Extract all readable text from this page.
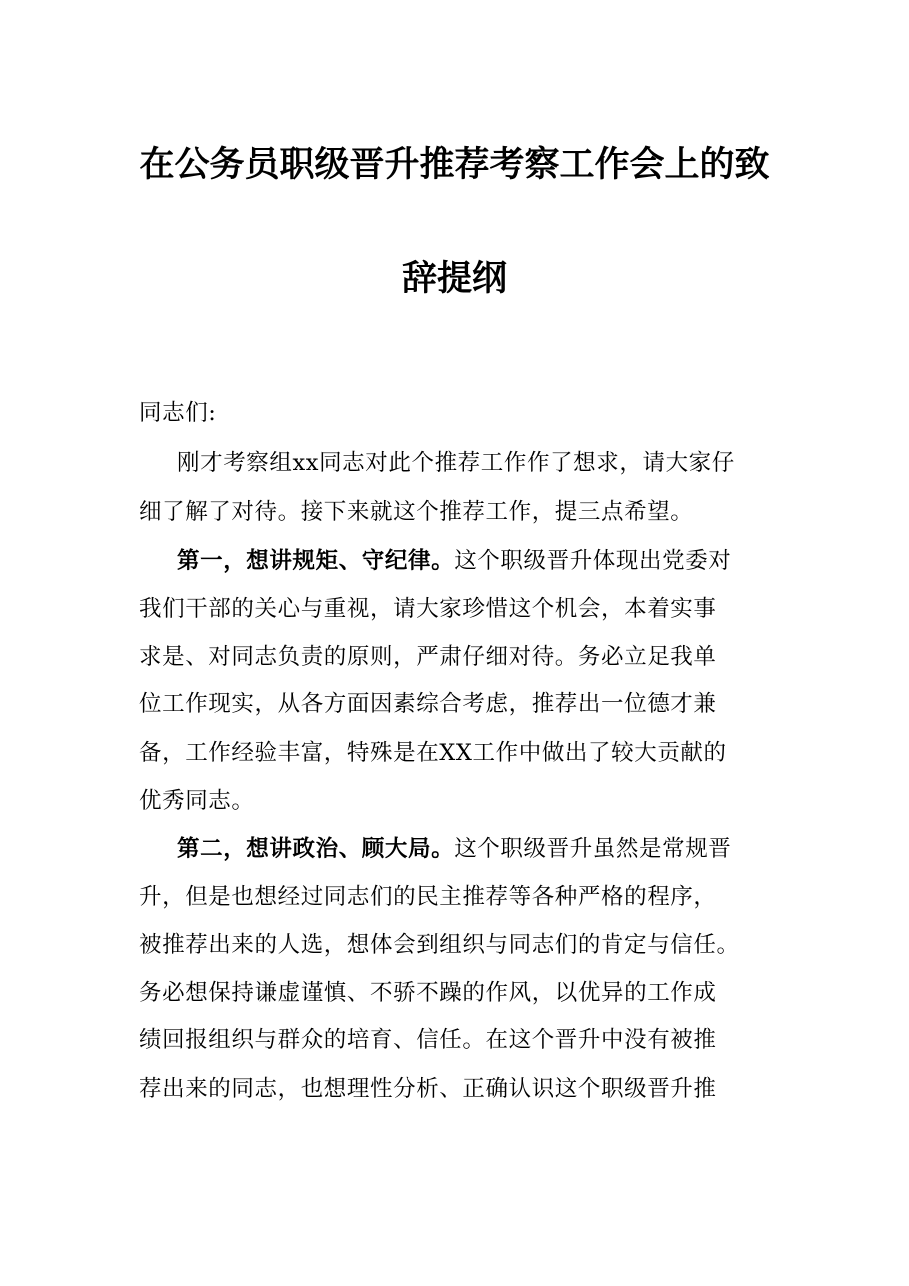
在公务员职级晋升推荐考察工作会上的致
辞提纲
同志们:
刚才考察组xx同志对此个推荐工作作了想求，请大家仔
细了解了对待。接下来就这个推荐工作，提三点希望。
第一，想讲规矩、守纪律。这个职级晋升体现出党委对
我们干部的关心与重视，请大家珍惜这个机会，本着实事
求是、对同志负责的原则，严肃仔细对待。务必立足我单
位工作现实，从各方面因素综合考虑，推荐出一位德才兼
备，工作经验丰富，特殊是在XX工作中做出了较大贡献的
优秀同志。
第二，想讲政治、顾大局。这个职级晋升虽然是常规晋
升，但是也想经过同志们的民主推荐等各种严格的程序，
被推荐出来的人选，想体会到组织与同志们的肯定与信任。
务必想保持谦虚谨慎、不骄不躁的作风，以优异的工作成
绩回报组织与群众的培育、信任。在这个晋升中没有被推
荐出来的同志，也想理性分析、正确认识这个职级晋升推
